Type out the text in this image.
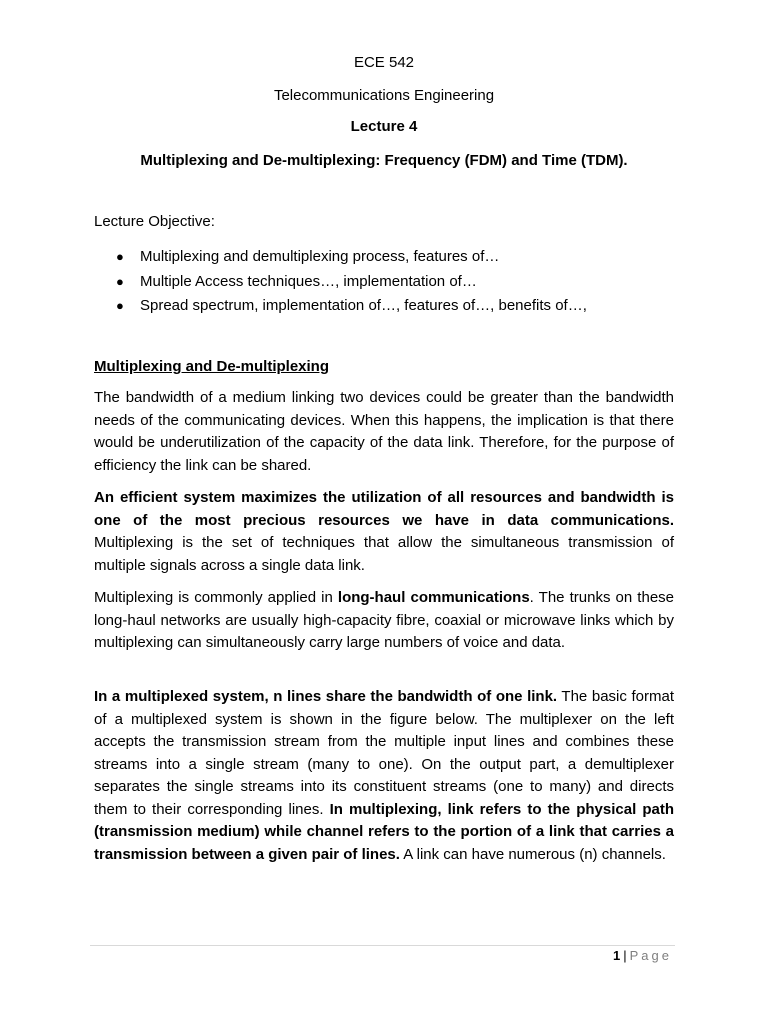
ECE 542
Telecommunications Engineering
Lecture 4
Multiplexing and De-multiplexing: Frequency (FDM) and Time (TDM).
Lecture Objective:
● Multiplexing and demultiplexing process, features of…
● Multiple Access techniques…, implementation of…
● Spread spectrum, implementation of…, features of…, benefits of…,
Multiplexing and De-multiplexing

The bandwidth of a medium linking two devices could be greater than the bandwidth needs of the communicating devices. When this happens, the implication is that there would be underutilization of the capacity of the data link. Therefore, for the purpose of efficiency the link can be shared.

An efficient system maximizes the utilization of all resources and bandwidth is one of the most precious resources we have in data communications. Multiplexing is the set of techniques that allow the simultaneous transmission of multiple signals across a single data link.

Multiplexing is commonly applied in long-haul communications. The trunks on these long-haul networks are usually high-capacity fibre, coaxial or microwave links which by multiplexing can simultaneously carry large numbers of voice and data.

In a multiplexed system, n lines share the bandwidth of one link. The basic format of a multiplexed system is shown in the figure below. The multiplexer on the left accepts the transmission stream from the multiple input lines and combines these streams into a single stream (many to one). On the output part, a demultiplexer separates the single streams into its constituent streams (one to many) and directs them to their corresponding lines. In multiplexing, link refers to the physical path (transmission medium) while channel refers to the portion of a link that carries a transmission between a given pair of lines. A link can have numerous (n) channels.

1 | Page
